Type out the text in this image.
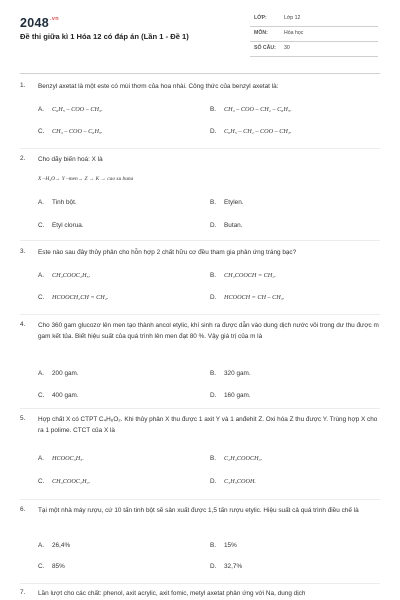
$2048^{.vn}$
Đề thi giữa kì 1 Hóa 12 có đáp án (Lần 1 - Đề 1)
LỚP:	Lớp 12
MÔN:	Hóa học
SỐ CÂU: 30
1. Benzyl axetat là một este có mùi thơm của hoa nhài. Công thức của benzyl axetat là:
A. C₆H₅ – COO – CH₃.	B. CH₃ – COO – CH₂ – C₆H₅.
C. CH₃ – COO – C₆H₅.	D. C₆H₅ – CH₂ – COO – CH₃.
2. Cho dãy biến hoá: X là
X –H₂O→ Y –men→ Z → K → cao su buna
A. Tinh bột.	B. Etylen.
C. Etyl clorua.	D. Butan.
3. Este nào sau đây thủy phân cho hỗn hợp 2 chất hữu cơ đều tham gia phản ứng tráng bạc?
A. CH₃COOC₂H₅.	B. CH₃COOCH = CH₂.
C. HCOOCH₂CH = CH₂.	D. HCOOCH = CH – CH₃.
4. Cho 360 gam glucozơ lên men tạo thành ancol etylic, khí sinh ra được dẫn vào dung dịch nước vôi trong dư thu được m gam kết tủa. Biết hiệu suất của quá trình lên men đạt 80 %. Vậy giá trị của m là
A. 200 gam.	B. 320 gam.
C. 400 gam.	D. 160 gam.
5. Hợp chất X có CTPT C₄H₆O₂. Khi thủy phân X thu được 1 axit Y và 1 anđehit Z. Oxi hóa Z thu được Y. Trùng hợp X cho ra 1 polime. CTCT của X là
A. HCOOC₃H₅.	B. C₂H₃COOCH₃.
C. CH₃COOC₂H₃.	D. C₃H₅COOH.
6. Tại một nhà máy rượu, cứ 10 tấn tinh bột sẽ sản xuất được 1,5 tấn rượu etylic. Hiệu suất cả quá trình điều chế là
A. 26,4%	B. 15%
C. 85%	D. 32,7%
7. Lần lượt cho các chất: phenol, axit acrylic, axit fomic, metyl axetat phản ứng với Na, dung dịch
